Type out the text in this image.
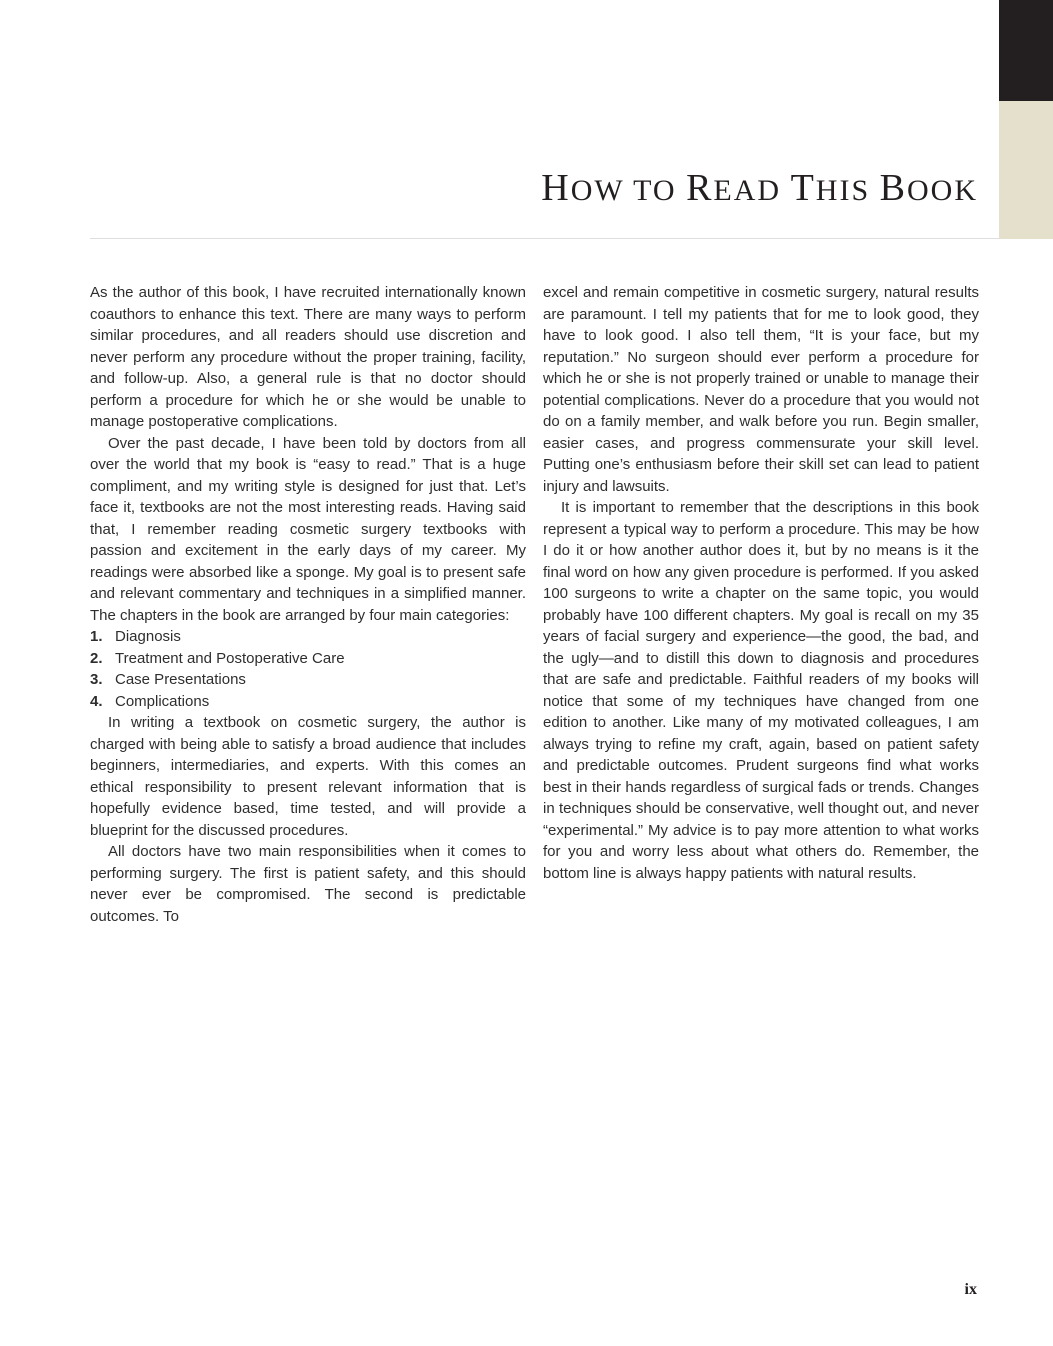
HOW TO READ THIS BOOK

As the author of this book, I have recruited internationally known coauthors to enhance this text. There are many ways to perform similar procedures, and all readers should use discretion and never perform any procedure without the proper training, facility, and follow-up. Also, a general rule is that no doctor should perform a procedure for which he or she would be unable to manage postoperative complications.

Over the past decade, I have been told by doctors from all over the world that my book is “easy to read.” That is a huge compliment, and my writing style is designed for just that. Let’s face it, textbooks are not the most interesting reads. Having said that, I remember reading cosmetic surgery textbooks with passion and excitement in the early days of my career. My readings were absorbed like a sponge. My goal is to present safe and relevant commentary and techniques in a simplified manner. The chapters in the book are arranged by four main categories:

1. Diagnosis
2. Treatment and Postoperative Care
3. Case Presentations
4. Complications

In writing a textbook on cosmetic surgery, the author is charged with being able to satisfy a broad audience that includes beginners, intermediaries, and experts. With this comes an ethical responsibility to present relevant information that is hopefully evidence based, time tested, and will provide a blueprint for the discussed procedures.

All doctors have two main responsibilities when it comes to performing surgery. The first is patient safety, and this should never ever be compromised. The second is predictable outcomes. To

excel and remain competitive in cosmetic surgery, natural results are paramount. I tell my patients that for me to look good, they have to look good. I also tell them, “It is your face, but my reputation.” No surgeon should ever perform a procedure for which he or she is not properly trained or unable to manage their potential complications. Never do a procedure that you would not do on a family member, and walk before you run. Begin smaller, easier cases, and progress commensurate your skill level. Putting one’s enthusiasm before their skill set can lead to patient injury and lawsuits.

It is important to remember that the descriptions in this book represent a typical way to perform a procedure. This may be how I do it or how another author does it, but by no means is it the final word on how any given procedure is performed. If you asked 100 surgeons to write a chapter on the same topic, you would probably have 100 different chapters. My goal is recall on my 35 years of facial surgery and experience—the good, the bad, and the ugly—and to distill this down to diagnosis and procedures that are safe and predictable. Faithful readers of my books will notice that some of my techniques have changed from one edition to another. Like many of my motivated colleagues, I am always trying to refine my craft, again, based on patient safety and predictable outcomes. Prudent surgeons find what works best in their hands regardless of surgical fads or trends. Changes in techniques should be conservative, well thought out, and never “experimental.” My advice is to pay more attention to what works for you and worry less about what others do. Remember, the bottom line is always happy patients with natural results.

ix
